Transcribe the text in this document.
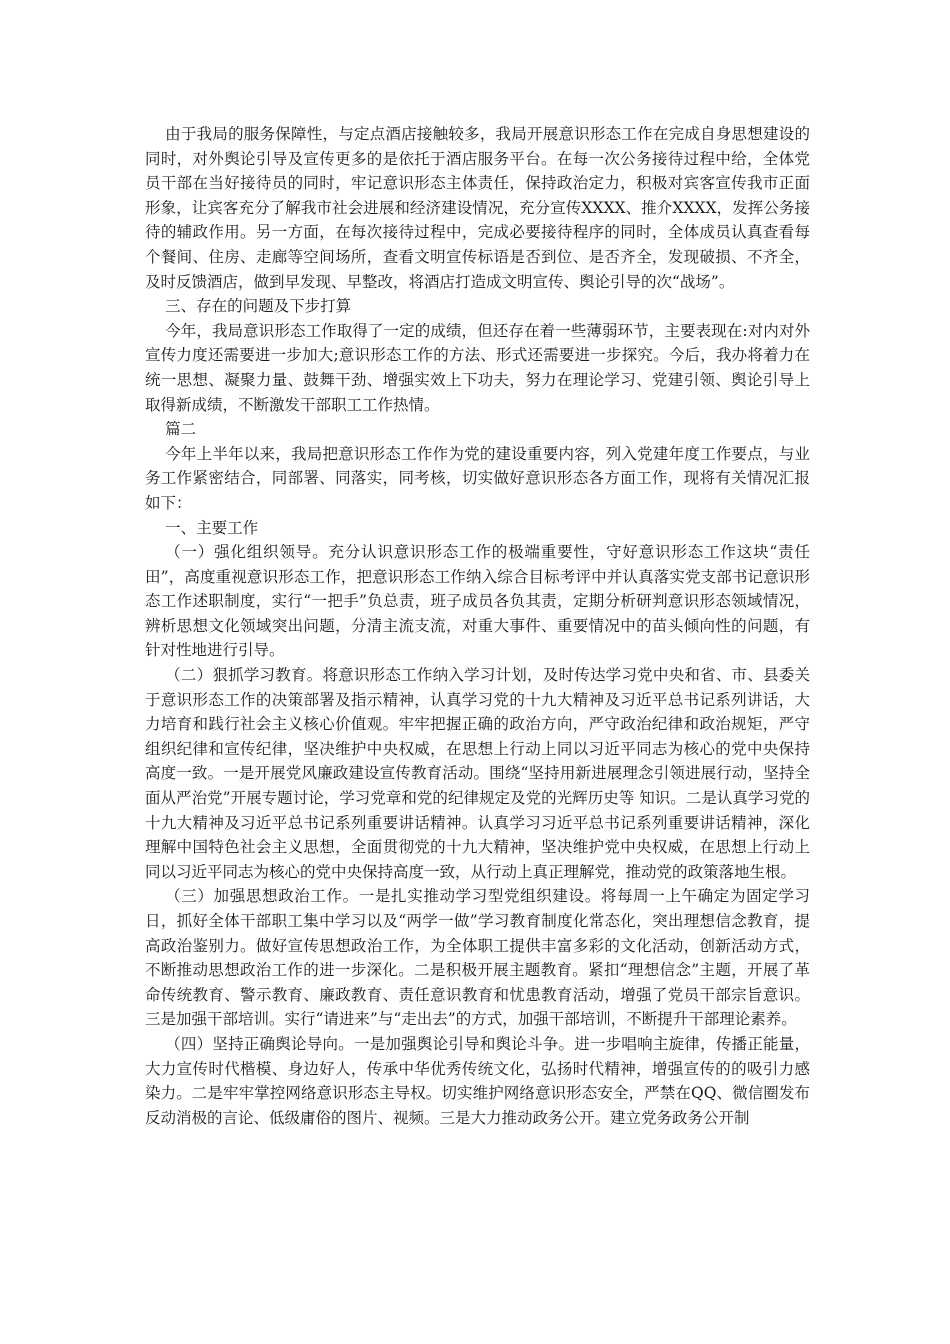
由于我局的服务保障性，与定点酒店接触较多，我局开展意识形态工作在完成自身思想建设的同时，对外舆论引导及宣传更多的是依托于酒店服务平台。在每一次公务接待过程中给，全体党员干部在当好接待员的同时，牢记意识形态主体责任，保持政治定力，积极对宾客宣传我市正面形象，让宾客充分了解我市社会进展和经济建设情况，充分宣传XXXX、推介XXXX，发挥公务接待的辅政作用。另一方面，在每次接待过程中，完成必要接待程序的同时，全体成员认真查看每个餐间、住房、走廊等空间场所，查看文明宣传标语是否到位、是否齐全，发现破损、不齐全，及时反馈酒店，做到早发现、早整改，将酒店打造成文明宣传、舆论引导的次“战场”。

三、存在的问题及下步打算

今年，我局意识形态工作取得了一定的成绩，但还存在着一些薄弱环节，主要表现在:对内对外宣传力度还需要进一步加大;意识形态工作的方法、形式还需要进一步探究。今后，我办将着力在统一思想、凝聚力量、鼓舞干劲、增强实效上下功夫，努力在理论学习、党建引领、舆论引导上取得新成绩，不断激发干部职工工作热情。

篇二

今年上半年以来，我局把意识形态工作作为党的建设重要内容，列入党建年度工作要点，与业务工作紧密结合，同部署、同落实，同考核，切实做好意识形态各方面工作，现将有关情况汇报如下：

一、主要工作

（一）强化组织领导。充分认识意识形态工作的极端重要性，守好意识形态工作这块“责任田”，高度重视意识形态工作，把意识形态工作纳入综合目标考评中并认真落实党支部书记意识形态工作述职制度，实行“一把手”负总责，班子成员各负其责，定期分析研判意识形态领域情况，辨析思想文化领域突出问题，分清主流支流，对重大事件、重要情况中的苗头倾向性的问题，有针对性地进行引导。

（二）狠抓学习教育。将意识形态工作纳入学习计划，及时传达学习党中央和省、市、县委关于意识形态工作的决策部署及指示精神，认真学习党的十九大精神及习近平总书记系列讲话，大力培育和践行社会主义核心价值观。牢牢把握正确的政治方向，严守政治纪律和政治规矩，严守组织纪律和宣传纪律，坚决维护中央权威，在思想上行动上同以习近平同志为核心的党中央保持高度一致。一是开展党风廉政建设宣传教育活动。围绕“坚持用新进展理念引领进展行动，坚持全面从严治党”开展专题讨论，学习党章和党的纪律规定及党的光辉历史等 知识。二是认真学习党的十九大精神及习近平总书记系列重要讲话精神。认真学习习近平总书记系列重要讲话精神，深化理解中国特色社会主义思想，全面贯彻党的十九大精神，坚决维护党中央权威，在思想上行动上同以习近平同志为核心的党中央保持高度一致，从行动上真正理解党，推动党的政策落地生根。

（三）加强思想政治工作。一是扎实推动学习型党组织建设。将每周一上午确定为固定学习日，抓好全体干部职工集中学习以及“两学一做”学习教育制度化常态化，突出理想信念教育，提高政治鉴别力。做好宣传思想政治工作，为全体职工提供丰富多彩的文化活动，创新活动方式，不断推动思想政治工作的进一步深化。二是积极开展主题教育。紧扣“理想信念”主题，开展了革命传统教育、警示教育、廉政教育、责任意识教育和忧患教育活动，增强了党员干部宗旨意识。三是加强干部培训。实行“请进来”与“走出去”的方式，加强干部培训，不断提升干部理论素养。

（四）坚持正确舆论导向。一是加强舆论引导和舆论斗争。进一步唱响主旋律，传播正能量，大力宣传时代楷模、身边好人，传承中华优秀传统文化，弘扬时代精神，增强宣传的的吸引力感染力。二是牢牢掌控网络意识形态主导权。切实维护网络意识形态安全，严禁在QQ、微信圈发布反动消极的言论、低级庸俗的图片、视频。三是大力推动政务公开。建立党务政务公开制
